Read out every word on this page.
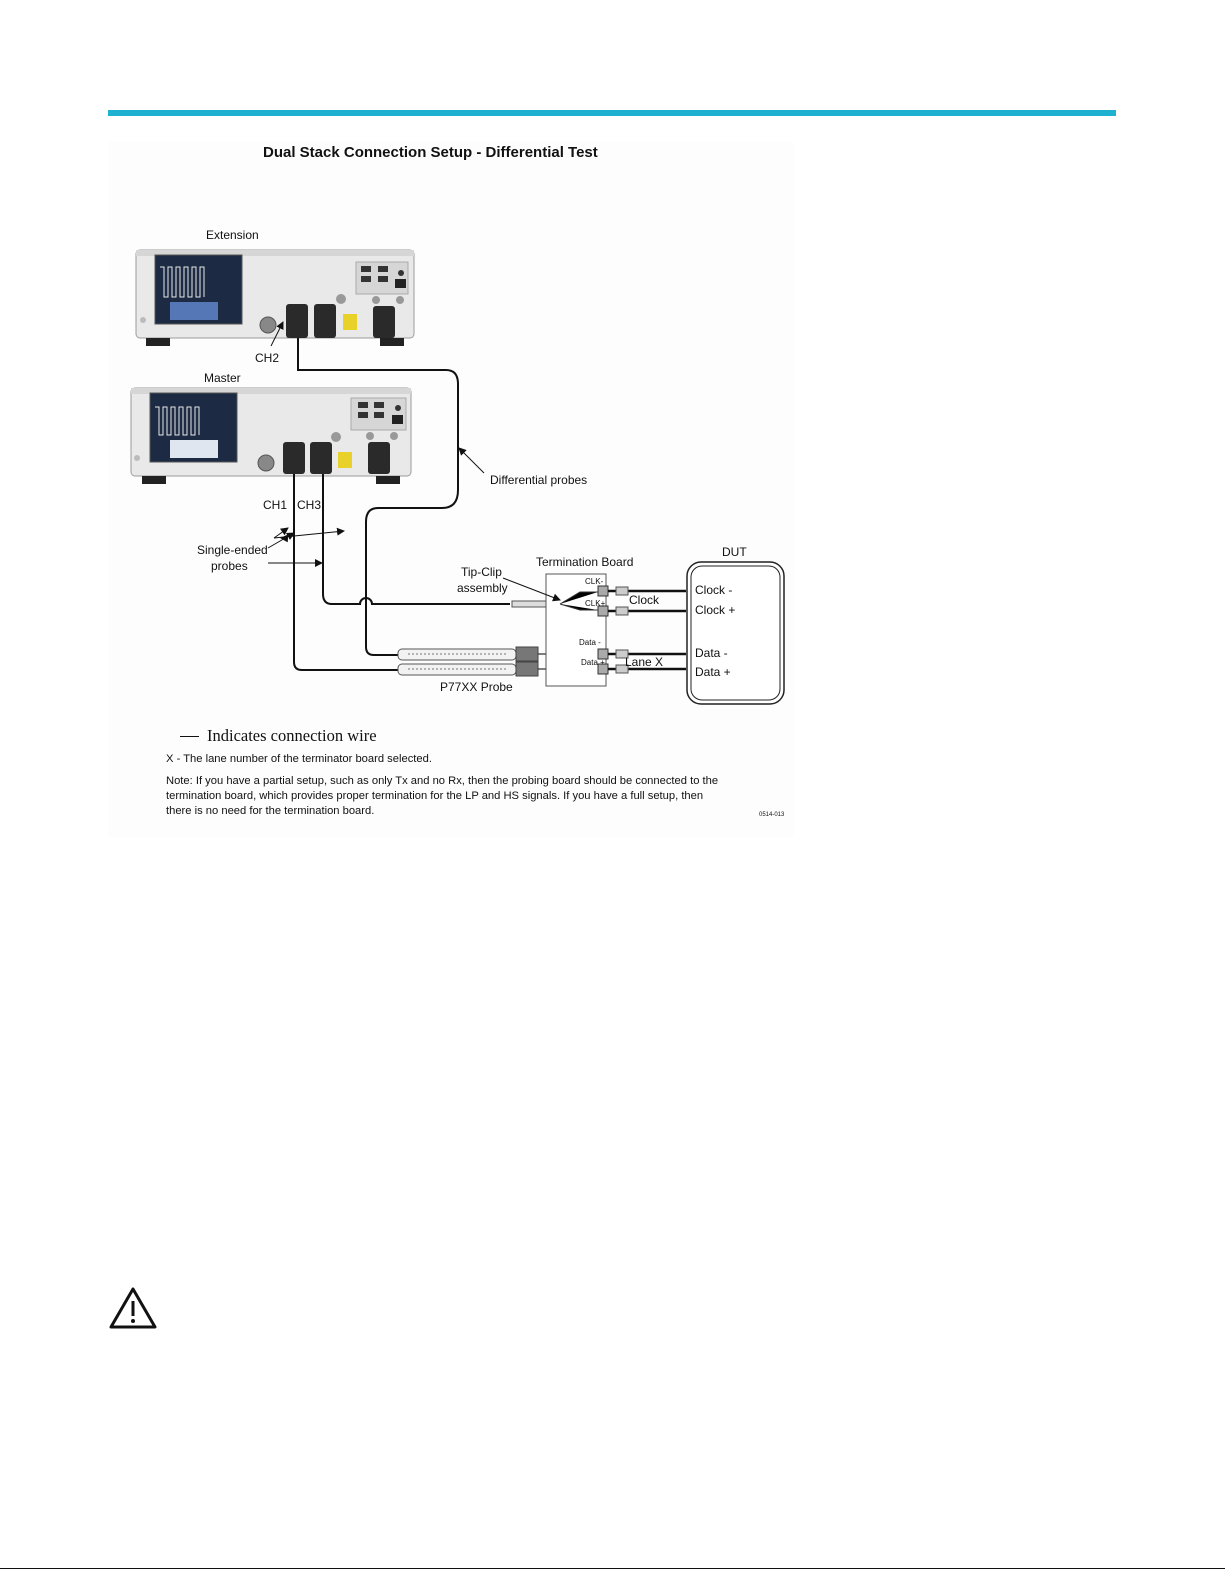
Dual Stack Connection Setup - Differential Test
Extension
Master
CH2
CH1 CH3
Differential probes
Single-ended
probes	Tip-Clip
assembly
Termination Board
CLK-
CLK+
Data -
Data +
Clock
Lane X
DUT
Clock -
Clock +
Data -
Data +
P77XX Probe
Indicates connection wire
X - The lane number of the terminator board selected.
Note: If you have a partial setup, such as only Tx and no Rx, then the probing board should be connected to the termination board, which provides proper termination for the LP and HS signals. If you have a full setup, then there is no need for the termination board.	0514-013
